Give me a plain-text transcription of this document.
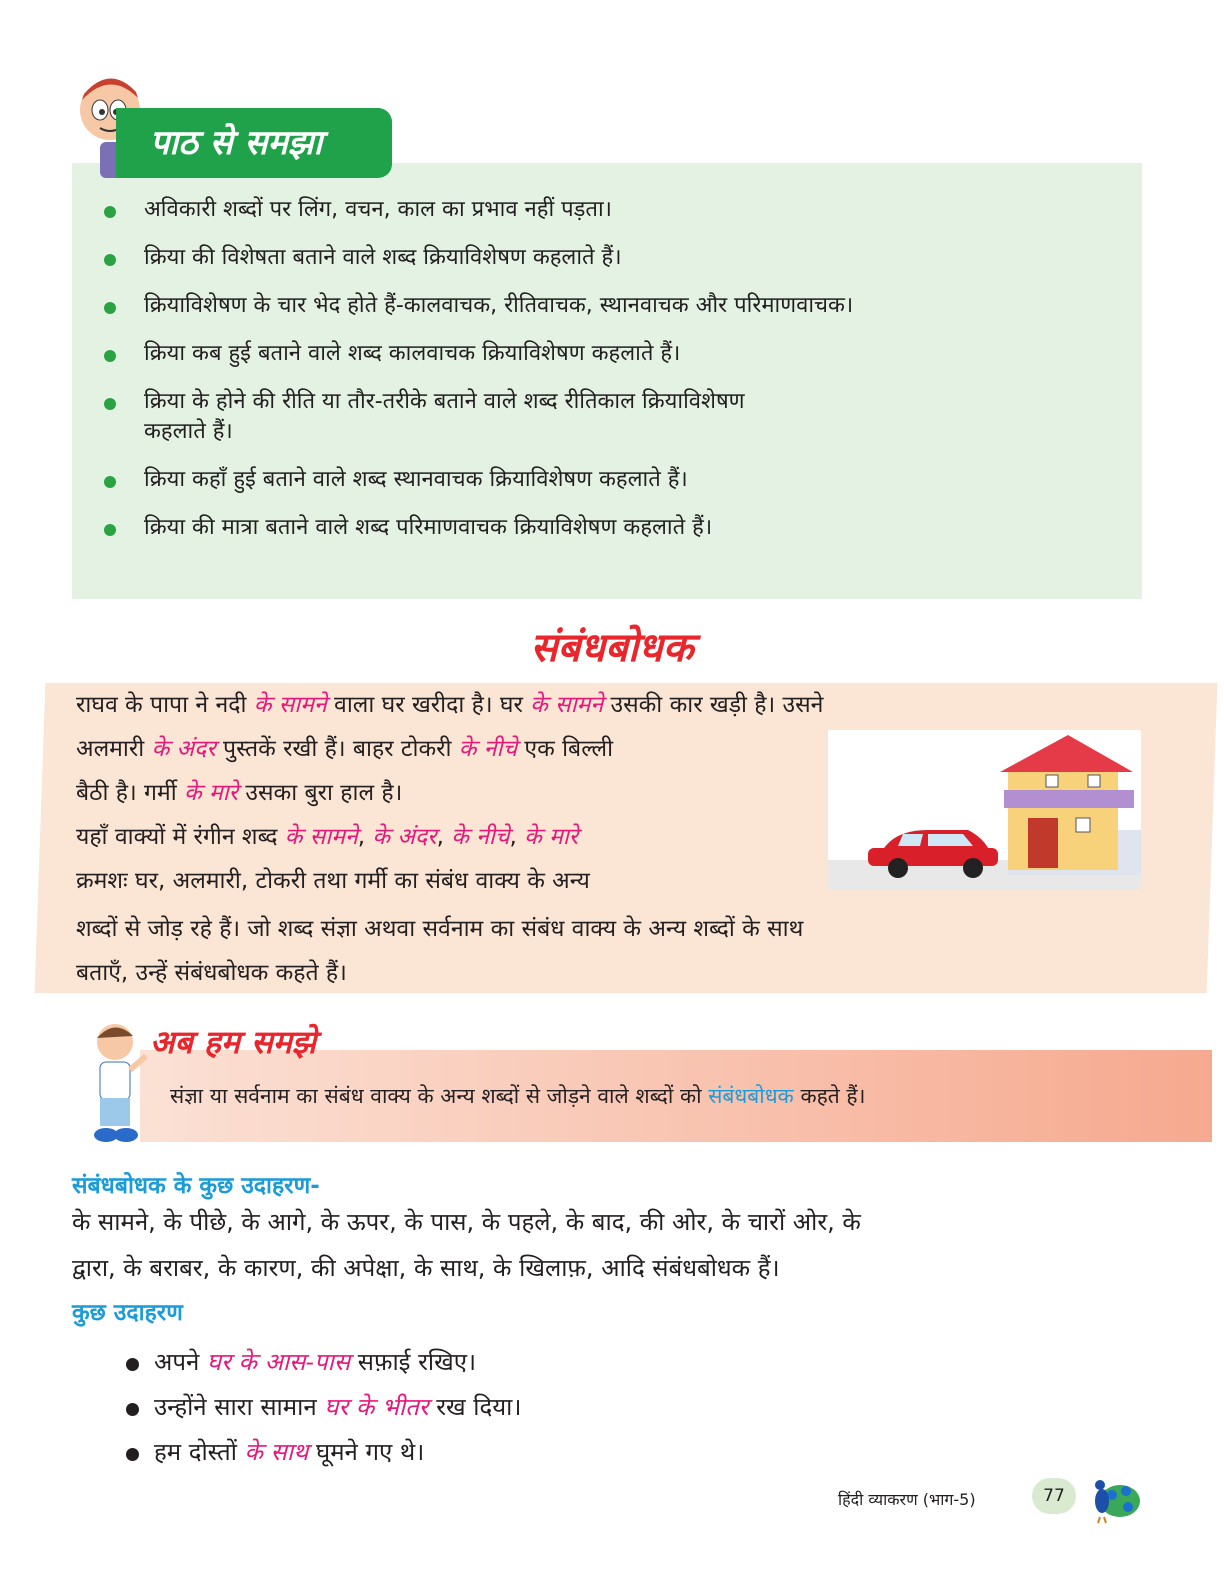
पाठ से समझा
अविकारी शब्दों पर लिंग, वचन, काल का प्रभाव नहीं पड़ता।
क्रिया की विशेषता बताने वाले शब्द क्रियाविशेषण कहलाते हैं।
क्रियाविशेषण के चार भेद होते हैं-कालवाचक, रीतिवाचक, स्थानवाचक और परिमाणवाचक।
क्रिया कब हुई बताने वाले शब्द कालवाचक क्रियाविशेषण कहलाते हैं।
क्रिया के होने की रीति या तौर-तरीके बताने वाले शब्द रीतिकाल क्रियाविशेषण कहलाते हैं।
क्रिया कहाँ हुई बताने वाले शब्द स्थानवाचक क्रियाविशेषण कहलाते हैं।
क्रिया की मात्रा बताने वाले शब्द परिमाणवाचक क्रियाविशेषण कहलाते हैं।
संबंधबोधक
राघव के पापा ने नदी के सामने वाला घर खरीदा है। घर के सामने उसकी कार खड़ी है। उसने
अलमारी के अंदर पुस्तकें रखी हैं। बाहर टोकरी के नीचे एक बिल्ली
बैठी है। गर्मी के मारे उसका बुरा हाल है।
यहाँ वाक्यों में रंगीन शब्द के सामने, के अंदर, के नीचे, के मारे
क्रमशः घर, अलमारी, टोकरी तथा गर्मी का संबंध वाक्य के अन्य
शब्दों से जोड़ रहे हैं। जो शब्द संज्ञा अथवा सर्वनाम का संबंध वाक्य के अन्य शब्दों के साथ
बताएँ, उन्हें संबंधबोधक कहते हैं।
अब हम समझे
संज्ञा या सर्वनाम का संबंध वाक्य के अन्य शब्दों से जोड़ने वाले शब्दों को संबंधबोधक कहते हैं।
संबंधबोधक के कुछ उदाहरण-
के सामने, के पीछे, के आगे, के ऊपर, के पास, के पहले, के बाद, की ओर, के चारों ओर, के
द्वारा, के बराबर, के कारण, की अपेक्षा, के साथ, के खिलाफ़, आदि संबंधबोधक हैं।
कुछ उदाहरण
अपने घर के आस-पास सफ़ाई रखिए।
उन्होंने सारा सामान घर के भीतर रख दिया।
हम दोस्तों के साथ घूमने गए थे।
हिंदी व्याकरण (भाग-5)	77
